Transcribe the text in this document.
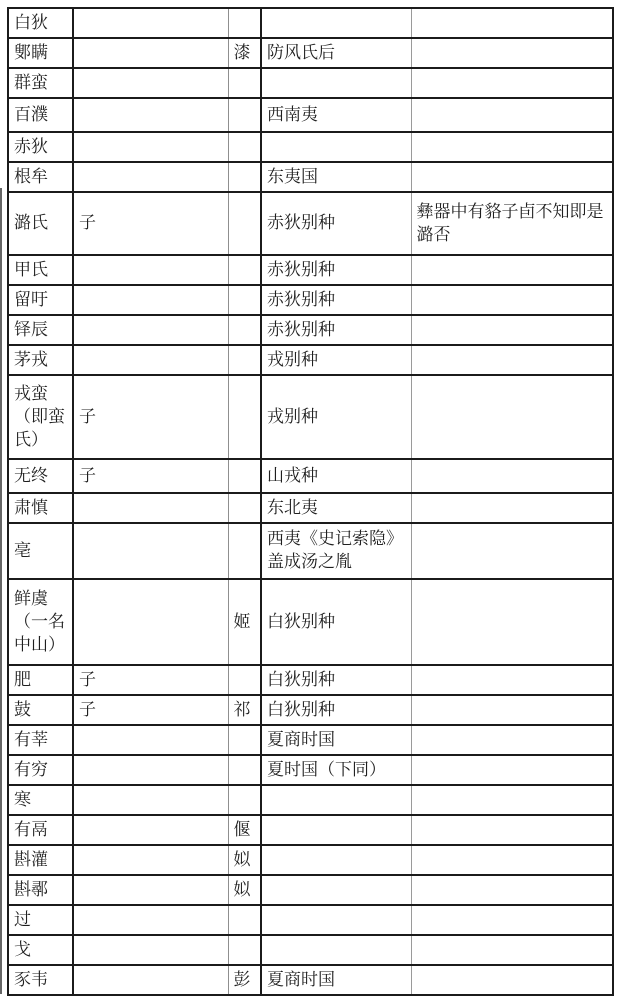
白狄				
鄋瞒		漆	防风氏后	
群蛮				
百濮			西南夷	
赤狄				
根牟			东夷国	
潞氏	子		赤狄别种	彝器中有貉子卣不知即是潞否
甲氏			赤狄别种	
留吁			赤狄别种	
铎辰			赤狄别种	
茅戎			戎别种	
戎蛮（即蛮氏）	子		戎别种	
无终	子		山戎种	
肃慎			东北夷	
亳			西夷《史记索隐》盖成汤之胤	
鲜虞（一名中山）		姬	白狄别种	
肥	子		白狄别种	
鼓	子	祁	白狄别种	
有莘			夏商时国	
有穷			夏时国（下同）	
寒				
有鬲		偃		
斟灌		姒		
斟鄩		姒		
过				
戈				
豕韦		彭	夏商时国	
